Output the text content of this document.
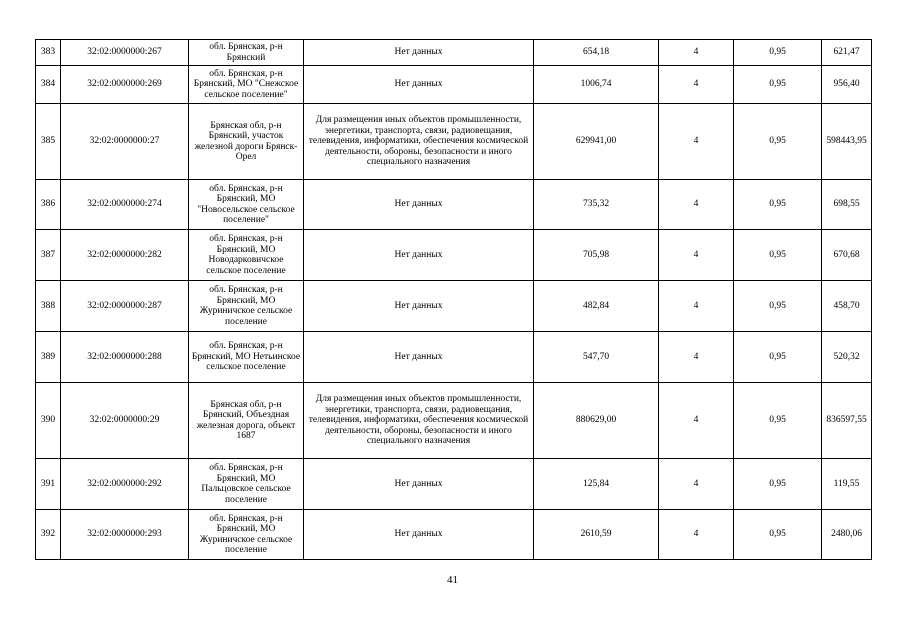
383	32:02:0000000:267	обл. Брянская, р-н Брянский	Нет данных	654,18	4	0,95	621,47
384	32:02:0000000:269	обл. Брянская, р-н Брянский, МО "Снежское сельское поселение"	Нет данных	1006,74	4	0,95	956,40
385	32:02:0000000:27	Брянская обл, р-н Брянский, участок железной дороги Брянск-Орел	Для размещения иных объектов промышленности, энергетики, транспорта, связи, радиовещания, телевидения, информатики, обеспечения космической деятельности, обороны, безопасности и иного специального назначения	629941,00	4	0,95	598443,95
386	32:02:0000000:274	обл. Брянская, р-н Брянский, МО "Новосельское сельское поселение"	Нет данных	735,32	4	0,95	698,55
387	32:02:0000000:282	обл. Брянская, р-н Брянский, МО Новодарковичское сельское поселение	Нет данных	705,98	4	0,95	670,68
388	32:02:0000000:287	обл. Брянская, р-н Брянский, МО Журиничское сельское поселение	Нет данных	482,84	4	0,95	458,70
389	32:02:0000000:288	обл. Брянская, р-н Брянский, МО Нетьинское сельское поселение	Нет данных	547,70	4	0,95	520,32
390	32:02:0000000:29	Брянская обл, р-н Брянский, Объездная железная дорога, объект 1687	Для размещения иных объектов промышленности, энергетики, транспорта, связи, радиовещания, телевидения, информатики, обеспечения космической деятельности, обороны, безопасности и иного специального назначения	880629,00	4	0,95	836597,55
391	32:02:0000000:292	обл. Брянская, р-н Брянский, МО Пальцовское сельское поселение	Нет данных	125,84	4	0,95	119,55
392	32:02:0000000:293	обл. Брянская, р-н Брянский, МО Журиничское сельское поселение	Нет данных	2610,59	4	0,95	2480,06
41
